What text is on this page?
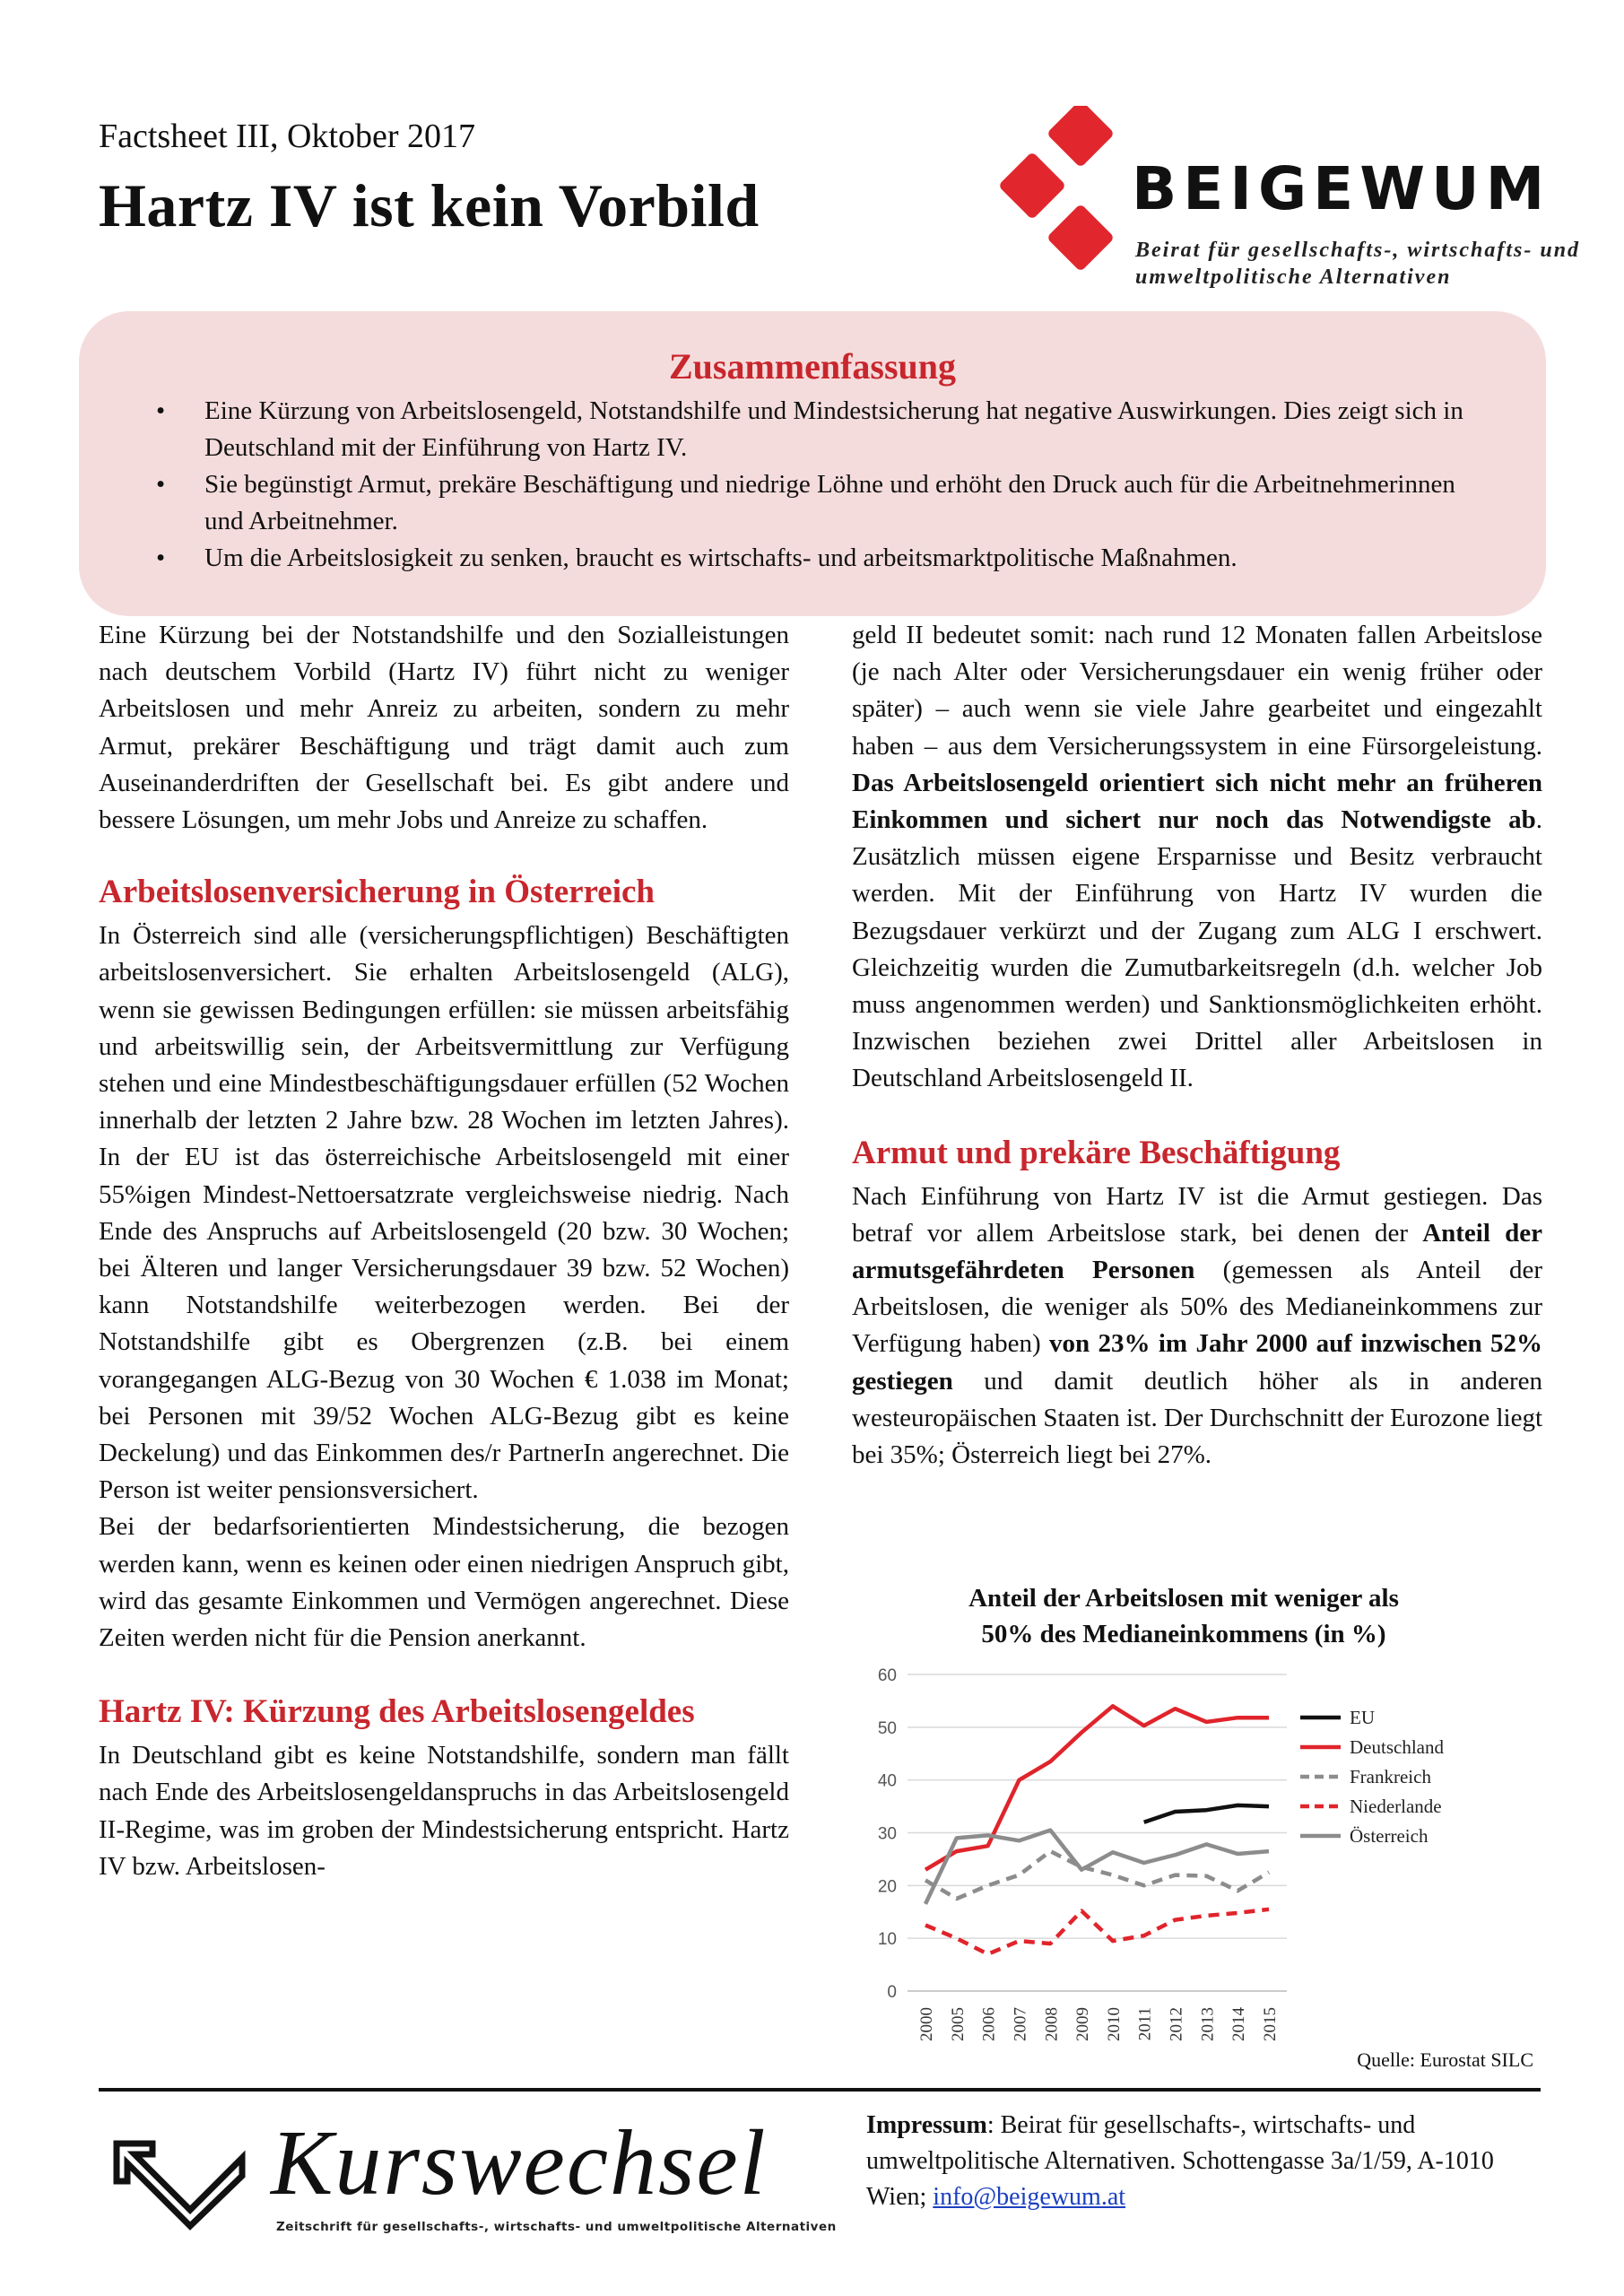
Factsheet III, Oktober 2017
Hartz IV ist kein Vorbild	BEIGEWUM
Beirat für gesellschafts-, wirtschafts- und
umweltpolitische Alternativen
Zusammenfassung
• Eine Kürzung von Arbeitslosengeld, Notstandshilfe und Mindestsicherung hat negative Auswirkungen. Dies zeigt sich in Deutschland mit der Einführung von Hartz IV.
• Sie begünstigt Armut, prekäre Beschäftigung und niedrige Löhne und erhöht den Druck auch für die Arbeitnehmerinnen und Arbeitnehmer.
• Um die Arbeitslosigkeit zu senken, braucht es wirtschafts- und arbeitsmarktpolitische Maßnahmen.

Eine Kürzung bei der Notstandshilfe und den Sozialleistungen nach deutschem Vorbild (Hartz IV) führt nicht zu weniger Arbeitslosen und mehr Anreiz zu arbeiten, sondern zu mehr Armut, prekärer Beschäftigung und trägt damit auch zum Auseinanderdriften der Gesellschaft bei. Es gibt andere und bessere Lösungen, um mehr Jobs und Anreize zu schaffen.

Arbeitslosenversicherung in Österreich

In Österreich sind alle (versicherungspflichtigen) Beschäftigten arbeitslosenversichert. Sie erhalten Arbeitslosengeld (ALG), wenn sie gewissen Bedingungen erfüllen: sie müssen arbeitsfähig und arbeitswillig sein, der Arbeitsvermittlung zur Verfügung stehen und eine Mindestbeschäftigungsdauer erfüllen (52 Wochen innerhalb der letzten 2 Jahre bzw. 28 Wochen im letzten Jahres). In der EU ist das österreichische Arbeitslosengeld mit einer 55%igen Mindest-Nettoersatzrate vergleichsweise niedrig. Nach Ende des Anspruchs auf Arbeitslosengeld (20 bzw. 30 Wochen; bei Älteren und langer Versicherungsdauer 39 bzw. 52 Wochen) kann Notstandshilfe weiterbezogen werden. Bei der Notstandshilfe gibt es Obergrenzen (z.B. bei einem vorangegangen ALG-Bezug von 30 Wochen € 1.038 im Monat; bei Personen mit 39/52 Wochen ALG-Bezug gibt es keine Deckelung) und das Einkommen des/r PartnerIn angerechnet. Die Person ist weiter pensionsversichert.

Bei der bedarfsorientierten Mindestsicherung, die bezogen werden kann, wenn es keinen oder einen niedrigen Anspruch gibt, wird das gesamte Einkommen und Vermögen angerechnet. Diese Zeiten werden nicht für die Pension anerkannt.

Hartz IV: Kürzung des Arbeitslosengeldes

In Deutschland gibt es keine Notstandshilfe, sondern man fällt nach Ende des Arbeitslosengeldanspruchs in das Arbeitslosengeld II-Regime, was im groben der Mindestsicherung entspricht. Hartz IV bzw. Arbeitslosen-

geld II bedeutet somit: nach rund 12 Monaten fallen Arbeitslose (je nach Alter oder Versicherungsdauer ein wenig früher oder später) – auch wenn sie viele Jahre gearbeitet und eingezahlt haben – aus dem Versicherungssystem in eine Fürsorgeleistung. Das Arbeitslosengeld orientiert sich nicht mehr an früheren Einkommen und sichert nur noch das Notwendigste ab. Zusätzlich müssen eigene Ersparnisse und Besitz verbraucht werden. Mit der Einführung von Hartz IV wurden die Bezugsdauer verkürzt und der Zugang zum ALG I erschwert. Gleichzeitig wurden die Zumutbarkeitsregeln (d.h. welcher Job muss angenommen werden) und Sanktionsmöglichkeiten erhöht. Inzwischen beziehen zwei Drittel aller Arbeitslosen in Deutschland Arbeitslosengeld II.

Armut und prekäre Beschäftigung

Nach Einführung von Hartz IV ist die Armut gestiegen. Das betraf vor allem Arbeitslose stark, bei denen der Anteil der armutsgefährdeten Personen (gemessen als Anteil der Arbeitslosen, die weniger als 50% des Medianeinkommens zur Verfügung haben) von 23% im Jahr 2000 auf inzwischen 52% gestiegen und damit deutlich höher als in anderen westeuropäischen Staaten ist. Der Durchschnitt der Eurozone liegt bei 35%; Österreich liegt bei 27%.

Anteil der Arbeitslosen mit weniger als
50% des Medianeinkommens (in %)
0
10
20
30
40
50
60
2000 2005 2006 2007 2008 2009 2010 2011 2012 2013 2014 2015
EU
Deutschland
Frankreich
Niederlande
Österreich
Quelle: Eurostat SILC
Kurswechsel
Zeitschrift für gesellschafts-, wirtschafts- und umweltpolitische Alternativen
Impressum: Beirat für gesellschafts-, wirtschafts- und umweltpolitische Alternativen. Schottengasse 3a/1/59, A-1010 Wien; info@beigewum.at
